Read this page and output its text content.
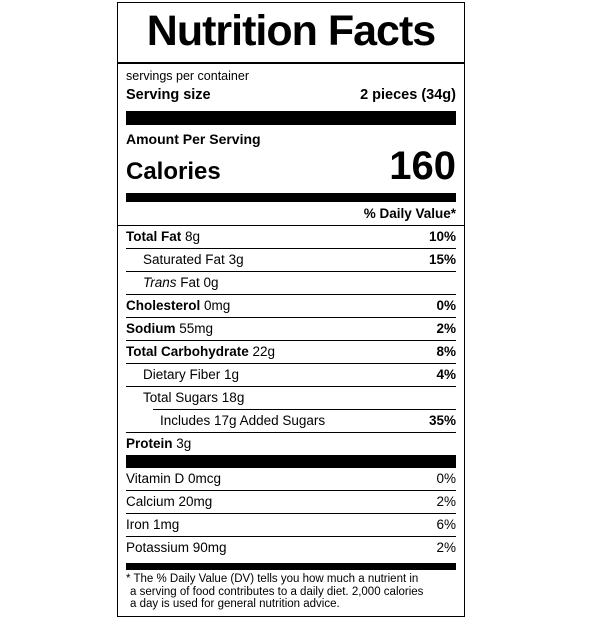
Nutrition Facts
servings per container
Serving size	2 pieces (34g)
Amount Per Serving
Calories	160
% Daily Value*
Total Fat 8g	10%
Saturated Fat 3g	15%
Trans Fat 0g
Cholesterol 0mg	0%
Sodium 55mg	2%
Total Carbohydrate 22g	8%
Dietary Fiber 1g	4%
Total Sugars 18g
Includes 17g Added Sugars	35%
Protein 3g
Vitamin D 0mcg	0%
Calcium 20mg	2%
Iron 1mg	6%
Potassium 90mg	2%
* The % Daily Value (DV) tells you how much a nutrient in
a serving of food contributes to a daily diet. 2,000 calories
a day is used for general nutrition advice.
